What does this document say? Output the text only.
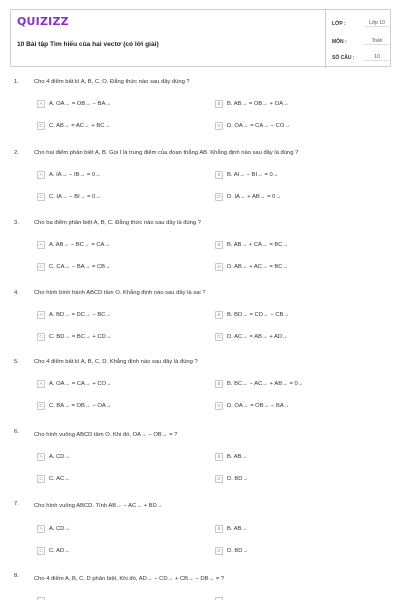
QUIZIZZ
10 Bài tập Tìm hiểu của hai vectơ (có lời giải)
LỚP :	Lớp 10
MÔN :	Toán
SỐ CÂU :	10
1.	Cho 4 điểm bất kì A, B, C, O. Đẳng thức nào sau đây đúng ?
A	A. OA→ = OB→ − BA→	B	B. AB→ = OB→ + OA→
C	C. AB→ = AC→ + BC→	D	D. OA→ = CA→ − CO→
2.	Cho hai điểm phân biệt A, B. Gọi I là trung điểm của đoạn thẳng AB. Khẳng định nào sau đây là đúng ?
A	A. IA→ − IB→ = 0→	B	B. AI→ − BI→ = 0→
C	C. IA→ − BI→ = 0→	D	D. IA→ + AB→ = 0→
3.	Cho ba điểm phân biệt A, B, C. Đẳng thức nào sau đây là đúng ?
A	A. AB→ − BC→ = CA→	B	B. AB→ + CA→ = BC→
C	C. CA→ − BA→ = CB→	D	D. AB→ + AC→ = BC→
4.	Cho hình bình hành ABCD tâm O. Khẳng định nào sau đây là sai ?
A	A. BD→ = DC→ − BC→	B	B. BD→ = CD→ − CB→
C	C. BD→ = BC→ + CD→	D	D. AC→ = AB→ + AD→
5.	Cho 4 điểm bất kì A, B, C, D. Khẳng định nào sau đây là đúng ?
A	A. OA→ = CA→ + CO→	B	B. BC→ − AC→ + AB→ = 0→
C	C. BA→ = OB→ − OA→	D	D. OA→ = OB→ − BA→
6.	Cho hình vuông ABCD tâm O. Khi đó, OA→ − OB→ = ?
A	A. CD→	B	B. AB→
C	C. AC→	D	D. BD→
7.	Cho hình vuông ABCD. Tính AB→ − AC→ + BD→
A	A. CD→	B	B. AB→
C	C. AD→	D	D. BD→
8.	Cho 4 điểm A, B, C, D phân biệt. Khi đó, AD→ − CD→ + CB→ − DB→ = ?
